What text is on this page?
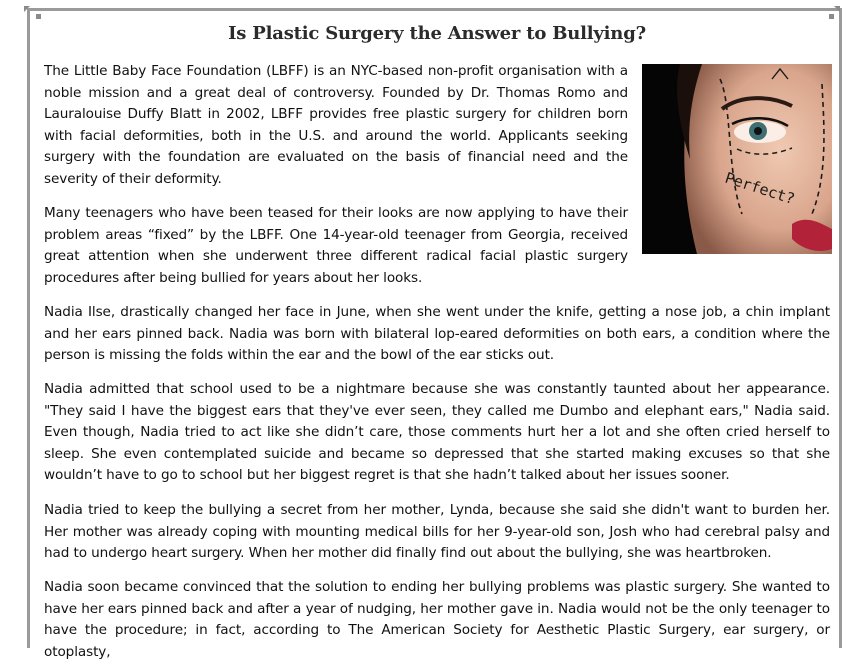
Is Plastic Surgery the Answer to Bullying?
Perfect?

The Little Baby Face Foundation (LBFF) is an NYC-based non-profit organisation with a noble mission and a great deal of controversy. Founded by Dr. Thomas Romo and Lauralouise Duffy Blatt in 2002, LBFF provides free plastic surgery for children born with facial deformities, both in the U.S. and around the world. Applicants seeking surgery with the foundation are evaluated on the basis of financial need and the severity of their deformity.

Many teenagers who have been teased for their looks are now applying to have their problem areas “fixed” by the LBFF. One 14-year-old teenager from Georgia, received great attention when she underwent three different radical facial plastic surgery procedures after being bullied for years about her looks.

Nadia Ilse, drastically changed her face in June, when she went under the knife, getting a nose job, a chin implant and her ears pinned back. Nadia was born with bilateral lop-eared deformities on both ears, a condition where the person is missing the folds within the ear and the bowl of the ear sticks out.

Nadia admitted that school used to be a nightmare because she was constantly taunted about her appearance. "They said I have the biggest ears that they've ever seen, they called me Dumbo and elephant ears," Nadia said. Even though, Nadia tried to act like she didn’t care, those comments hurt her a lot and she often cried herself to sleep. She even contemplated suicide and became so depressed that she started making excuses so that she wouldn’t have to go to school but her biggest regret is that she hadn’t talked about her issues sooner.

Nadia tried to keep the bullying a secret from her mother, Lynda, because she said she didn't want to burden her. Her mother was already coping with mounting medical bills for her 9-year-old son, Josh who had cerebral palsy and had to undergo heart surgery. When her mother did finally find out about the bullying, she was heartbroken.

Nadia soon became convinced that the solution to ending her bullying problems was plastic surgery. She wanted to have her ears pinned back and after a year of nudging, her mother gave in. Nadia would not be the only teenager to have the procedure; in fact, according to The American Society for Aesthetic Plastic Surgery, ear surgery, or otoplasty,
